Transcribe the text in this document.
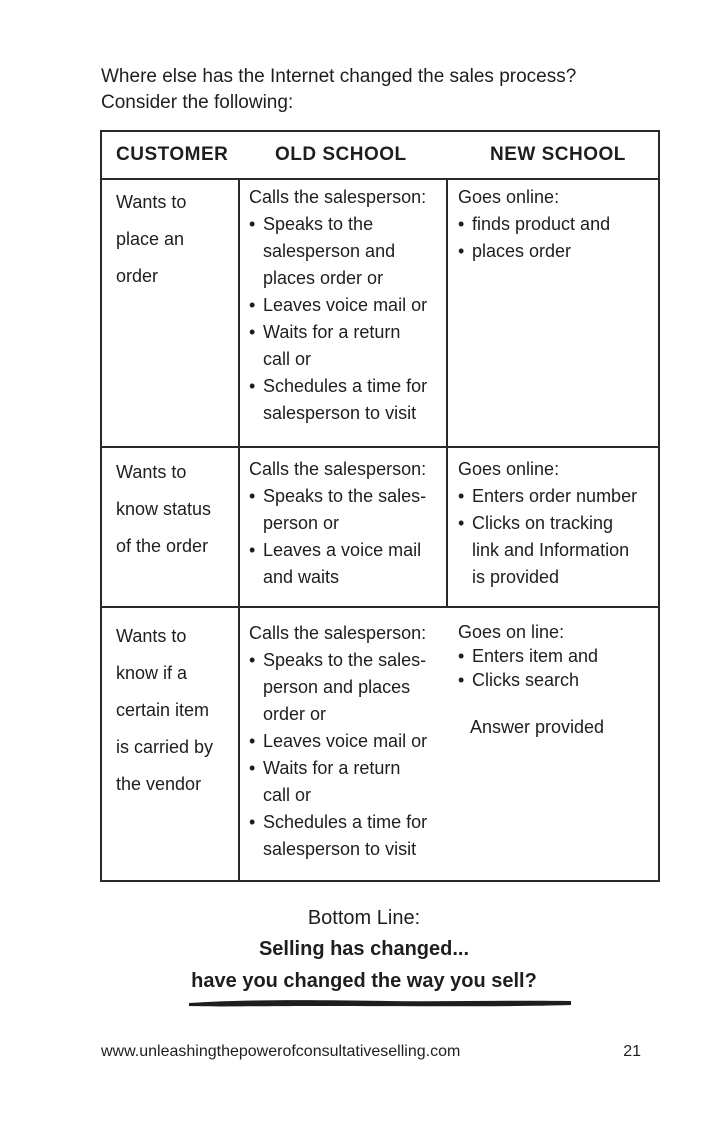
Where else has the Internet changed the sales process?
Consider the following:
CUSTOMER OLD SCHOOL	NEW SCHOOL
Wants to
place an
order
Calls the salesperson:
• Speaks to the
salesperson and
places order or
• Leaves voice mail or
• Waits for a return
call or
• Schedules a time for
salesperson to visit
Goes online:
• finds product and
• places order
Wants to
know status
of the order
Calls the salesperson:
• Speaks to the sales-
person or
• Leaves a voice mail
and waits
Goes online:
• Enters order number
• Clicks on tracking
link and Information
is provided
Wants to
know if a
certain item
is carried by
the vendor
Calls the salesperson:
• Speaks to the sales-
person and places
order or
• Leaves voice mail or
• Waits for a return
call or
• Schedules a time for
salesperson to visit
Goes on line:
• Enters item and
• Clicks search
Answer provided
Bottom Line:
Selling has changed...
have you changed the way you sell?
www.unleashingthepowerofconsultativeselling.com	21
